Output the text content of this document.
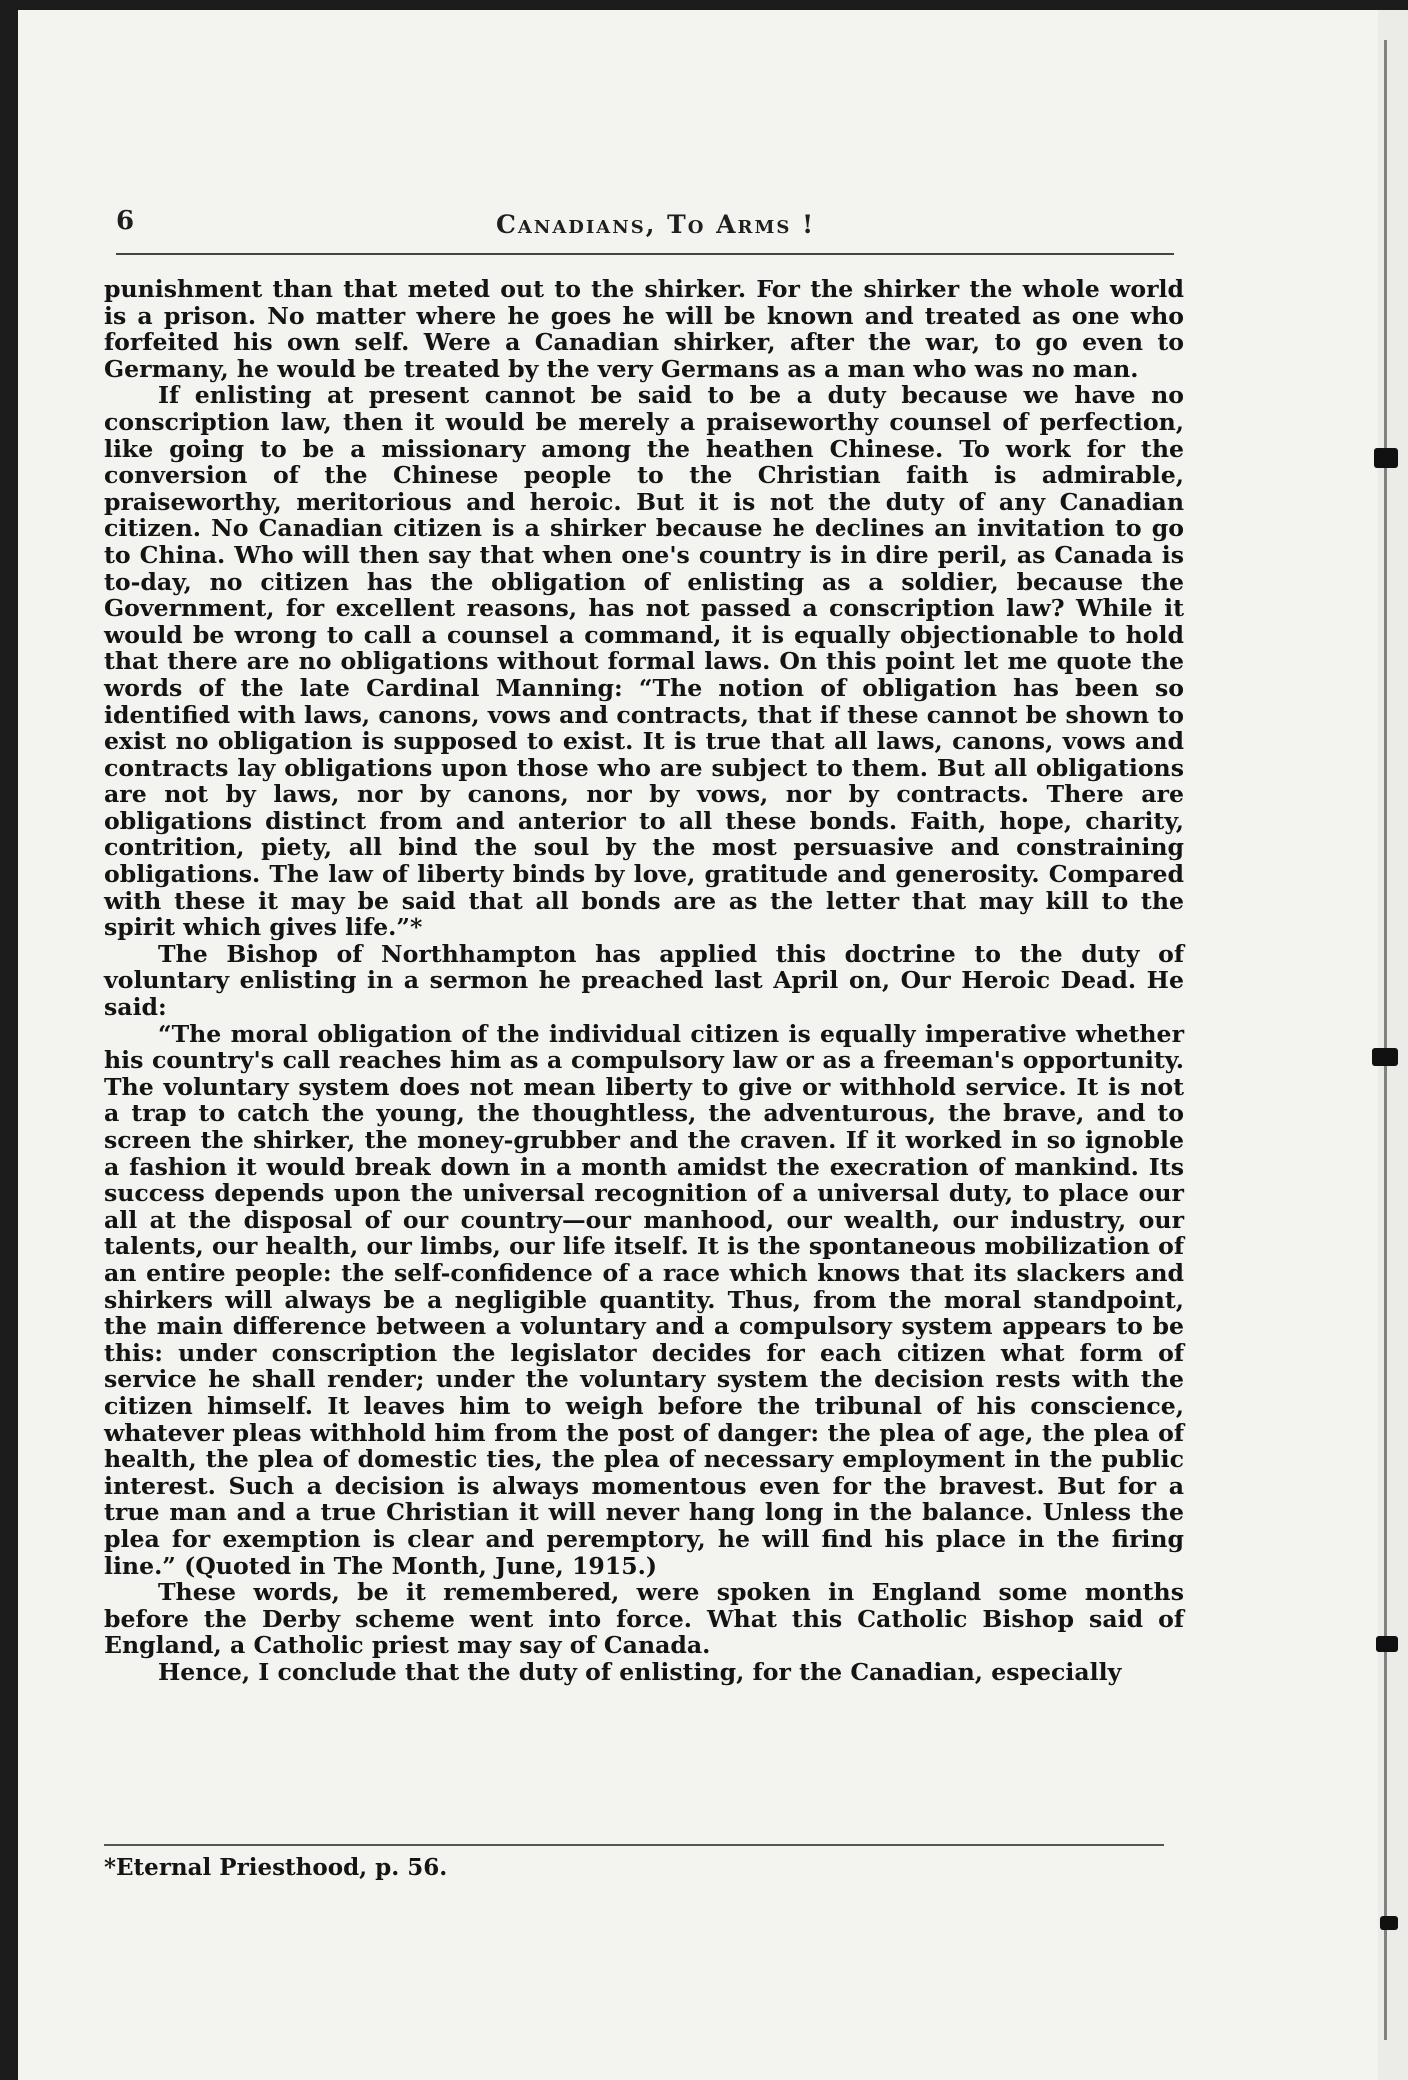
6	Canadians, To Arms !

punishment than that meted out to the shirker. For the shirker the whole world is a prison. No matter where he goes he will be known and treated as one who forfeited his own self. Were a Canadian shirker, after the war, to go even to Germany, he would be treated by the very Germans as a man who was no man.

If enlisting at present cannot be said to be a duty because we have no conscription law, then it would be merely a praiseworthy counsel of perfection, like going to be a missionary among the heathen Chinese. To work for the conversion of the Chinese people to the Christian faith is admirable, praiseworthy, meritorious and heroic. But it is not the duty of any Canadian citizen. No Canadian citizen is a shirker because he declines an invitation to go to China. Who will then say that when one's country is in dire peril, as Canada is to-day, no citizen has the obligation of enlisting as a soldier, because the Government, for excellent reasons, has not passed a conscription law? While it would be wrong to call a counsel a command, it is equally objectionable to hold that there are no obligations without formal laws. On this point let me quote the words of the late Cardinal Manning: “The notion of obligation has been so identified with laws, canons, vows and contracts, that if these cannot be shown to exist no obligation is supposed to exist. It is true that all laws, canons, vows and contracts lay obligations upon those who are subject to them. But all obligations are not by laws, nor by canons, nor by vows, nor by contracts. There are obligations distinct from and anterior to all these bonds. Faith, hope, charity, contrition, piety, all bind the soul by the most persuasive and constraining obligations. The law of liberty binds by love, gratitude and generosity. Compared with these it may be said that all bonds are as the letter that may kill to the spirit which gives life.”*

The Bishop of Northhampton has applied this doctrine to the duty of voluntary enlisting in a sermon he preached last April on, Our Heroic Dead. He said:

“The moral obligation of the individual citizen is equally imperative whether his country's call reaches him as a compulsory law or as a freeman's opportunity. The voluntary system does not mean liberty to give or withhold service. It is not a trap to catch the young, the thoughtless, the adventurous, the brave, and to screen the shirker, the money-grubber and the craven. If it worked in so ignoble a fashion it would break down in a month amidst the execration of mankind. Its success depends upon the universal recognition of a universal duty, to place our all at the disposal of our country—our manhood, our wealth, our industry, our talents, our health, our limbs, our life itself. It is the spontaneous mobilization of an entire people: the self-confidence of a race which knows that its slackers and shirkers will always be a negligible quantity. Thus, from the moral standpoint, the main difference between a voluntary and a compulsory system appears to be this: under conscription the legislator decides for each citizen what form of service he shall render; under the voluntary system the decision rests with the citizen himself. It leaves him to weigh before the tribunal of his conscience, whatever pleas withhold him from the post of danger: the plea of age, the plea of health, the plea of domestic ties, the plea of necessary employment in the public interest. Such a decision is always momentous even for the bravest. But for a true man and a true Christian it will never hang long in the balance. Unless the plea for exemption is clear and peremptory, he will find his place in the firing line.” (Quoted in The Month, June, 1915.)

These words, be it remembered, were spoken in England some months before the Derby scheme went into force. What this Catholic Bishop said of England, a Catholic priest may say of Canada.

Hence, I conclude that the duty of enlisting, for the Canadian, especially

*Eternal Priesthood, p. 56.
